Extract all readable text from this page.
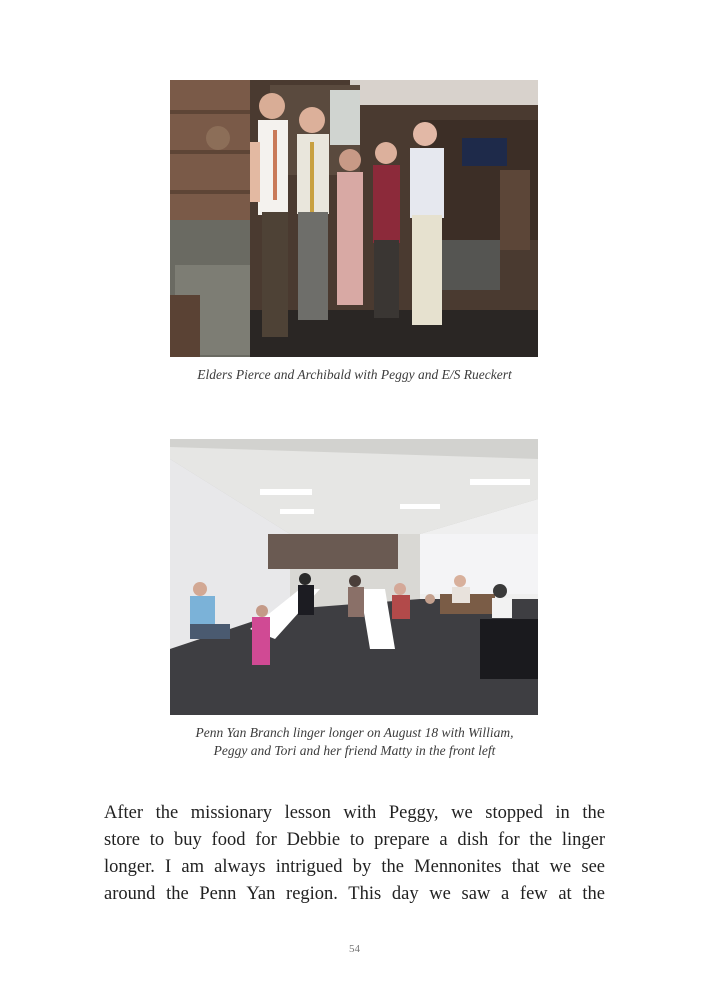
Elders Pierce and Archibald with Peggy and E/S Rueckert
Penn Yan Branch linger longer on August 18 with William,
Peggy and Tori and her friend Matty in the front left
After the missionary lesson with Peggy, we stopped in the
store to buy food for Debbie to prepare a dish for the linger
longer. I am always intrigued by the Mennonites that we see
around the Penn Yan region. This day we saw a few at the
54
